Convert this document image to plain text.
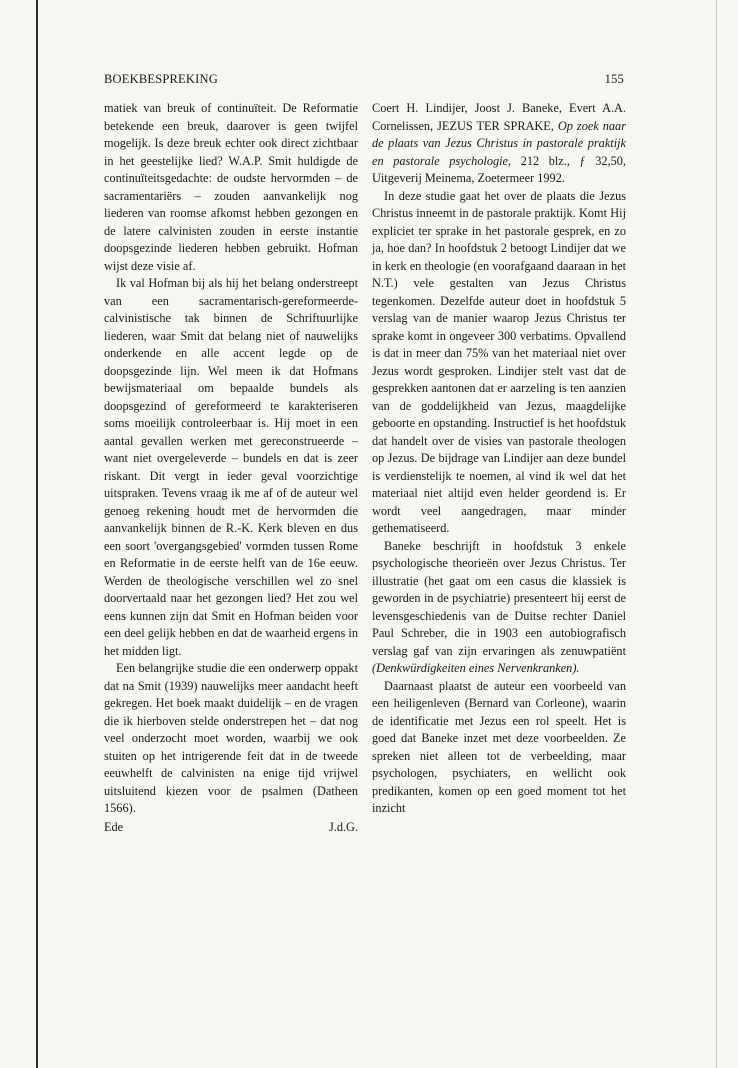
BOEKBESPREKING	155

matiek van breuk of continuïteit. De Reformatie betekende een breuk, daarover is geen twijfel mogelijk. Is deze breuk echter ook direct zichtbaar in het geestelijke lied? W.A.P. Smit huldigde de continuïteitsgedachte: de oudste hervormden – de sacramentariërs – zouden aanvankelijk nog liederen van roomse afkomst hebben gezongen en de latere calvinisten zouden in eerste instantie doopsgezinde liederen hebben gebruikt. Hofman wijst deze visie af.

Ik val Hofman bij als hij het belang onderstreept van een sacramentarisch-gereformeerde-calvinistische tak binnen de Schriftuurlijke liederen, waar Smit dat belang niet of nauwelijks onderkende en alle accent legde op de doopsgezinde lijn. Wel meen ik dat Hofmans bewijsmateriaal om bepaalde bundels als doopsgezind of gereformeerd te karakteriseren soms moeilijk controleerbaar is. Hij moet in een aantal gevallen werken met gereconstrueerde – want niet overgeleverde – bundels en dat is zeer riskant. Dit vergt in ieder geval voorzichtige uitspraken. Tevens vraag ik me af of de auteur wel genoeg rekening houdt met de hervormden die aanvankelijk binnen de R.-K. Kerk bleven en dus een soort 'overgangsgebied' vormden tussen Rome en Reformatie in de eerste helft van de 16e eeuw. Werden de theologische verschillen wel zo snel doorvertaald naar het gezongen lied? Het zou wel eens kunnen zijn dat Smit en Hofman beiden voor een deel gelijk hebben en dat de waarheid ergens in het midden ligt.

Een belangrijke studie die een onderwerp oppakt dat na Smit (1939) nauwelijks meer aandacht heeft gekregen. Het boek maakt duidelijk – en de vragen die ik hierboven stelde onderstrepen het – dat nog veel onderzocht moet worden, waarbij we ook stuiten op het intrigerende feit dat in de tweede eeuwhelft de calvinisten na enige tijd vrijwel uitsluitend kiezen voor de psalmen (Datheen 1566).

Ede	J.d.G.

Coert H. Lindijer, Joost J. Baneke, Evert A.A. Cornelissen, JEZUS TER SPRAKE, Op zoek naar de plaats van Jezus Christus in pastorale praktijk en pastorale psychologie, 212 blz., ƒ 32,50, Uitgeverij Meinema, Zoetermeer 1992.

In deze studie gaat het over de plaats die Jezus Christus inneemt in de pastorale praktijk. Komt Hij expliciet ter sprake in het pastorale gesprek, en zo ja, hoe dan? In hoofdstuk 2 betoogt Lindijer dat we in kerk en theologie (en voorafgaand daaraan in het N.T.) vele gestalten van Jezus Christus tegenkomen. Dezelfde auteur doet in hoofdstuk 5 verslag van de manier waarop Jezus Christus ter sprake komt in ongeveer 300 verbatims. Opvallend is dat in meer dan 75% van het materiaal niet over Jezus wordt gesproken. Lindijer stelt vast dat de gesprekken aantonen dat er aarzeling is ten aanzien van de goddelijkheid van Jezus, maagdelijke geboorte en opstanding. Instructief is het hoofdstuk dat handelt over de visies van pastorale theologen op Jezus. De bijdrage van Lindijer aan deze bundel is verdienstelijk te noemen, al vind ik wel dat het materiaal niet altijd even helder geordend is. Er wordt veel aangedragen, maar minder gethematiseerd.

Baneke beschrijft in hoofdstuk 3 enkele psychologische theorieën over Jezus Christus. Ter illustratie (het gaat om een casus die klassiek is geworden in de psychiatrie) presenteert hij eerst de levensgeschiedenis van de Duitse rechter Daniel Paul Schreber, die in 1903 een autobiografisch verslag gaf van zijn ervaringen als zenuwpatiënt (Denkwürdigkeiten eines Nervenkranken).

Daarnaast plaatst de auteur een voorbeeld van een heiligenleven (Bernard van Corleone), waarin de identificatie met Jezus een rol speelt. Het is goed dat Baneke inzet met deze voorbeelden. Ze spreken niet alleen tot de verbeelding, maar psychologen, psychiaters, en wellicht ook predikanten, komen op een goed moment tot het inzicht
